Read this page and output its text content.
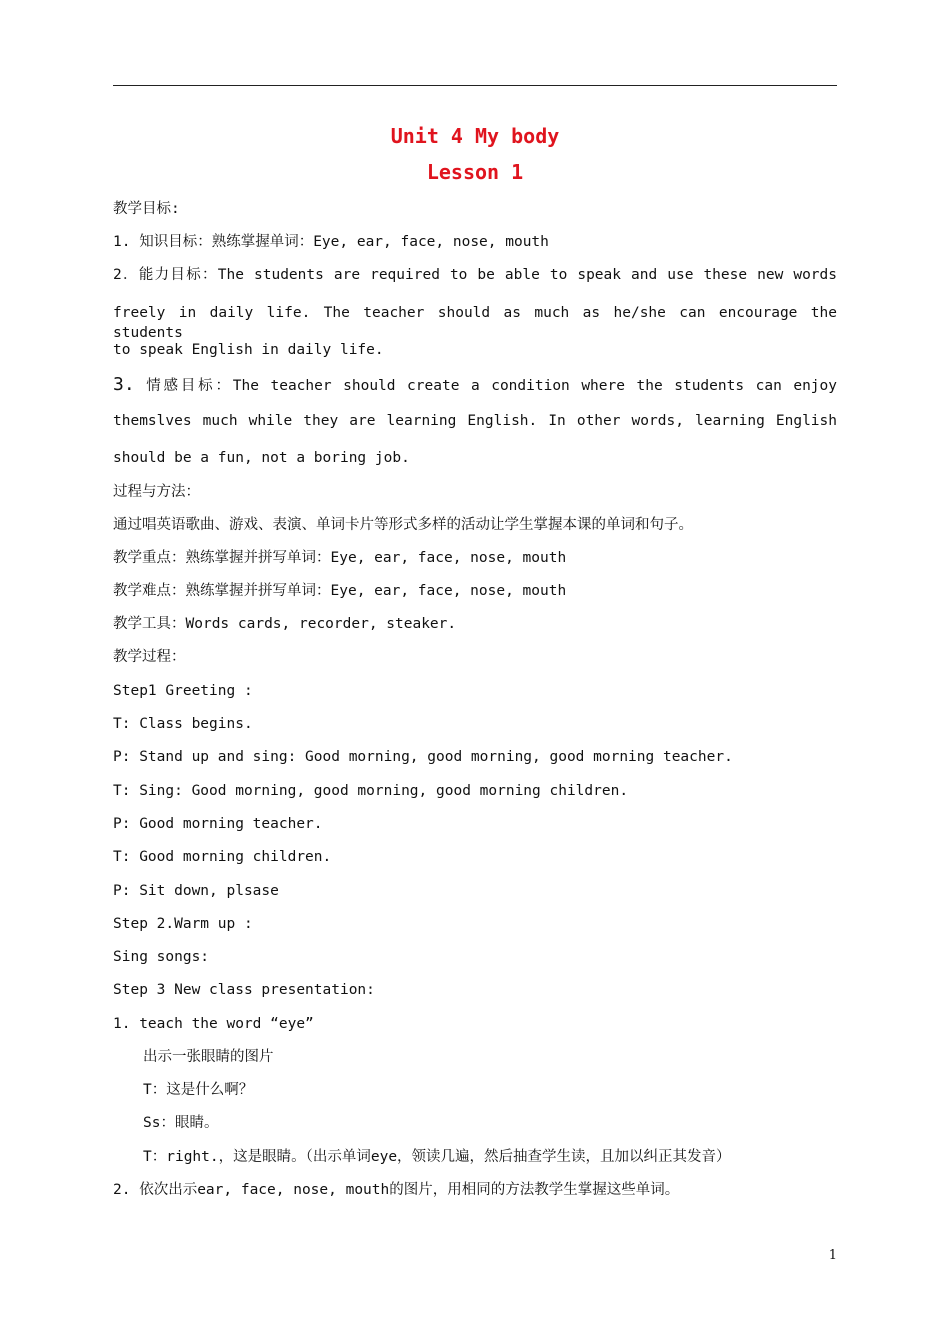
Unit 4 My body
Lesson 1
教学目标:
1. 知识目标：熟练掌握单词：Eye, ear, face, nose, mouth
2．能力目标：The students are required to be able to speak and use these new words
freely in daily life. The teacher should as much as he/she can encourage the students
to speak English in daily life.
3. 情感目标：The teacher should create a condition where the students can enjoy
themslves much while they are learning English. In other words, learning English
should be a fun, not a boring job.
过程与方法：
通过唱英语歌曲、游戏、表演、单词卡片等形式多样的活动让学生掌握本课的单词和句子。
教学重点：熟练掌握并拼写单词：Eye, ear, face, nose, mouth
教学难点：熟练掌握并拼写单词：Eye, ear, face, nose, mouth
教学工具：Words cards, recorder, steaker.
教学过程：
Step1 Greeting :
T: Class begins.
P: Stand up and sing: Good morning, good morning, good morning teacher.
T: Sing: Good morning, good morning, good morning children.
P: Good morning teacher.
T: Good morning children.
P: Sit down, plsase
Step 2.Warm up :
Sing songs:
Step 3 New class presentation:
1. teach the word “eye”
出示一张眼睛的图片
T：这是什么啊？
Ss：眼睛。
T：right.，这是眼睛。（出示单词eye，领读几遍，然后抽查学生读，且加以纠正其发音）
2. 依次出示ear, face, nose, mouth的图片，用相同的方法教学生掌握这些单词。
1
